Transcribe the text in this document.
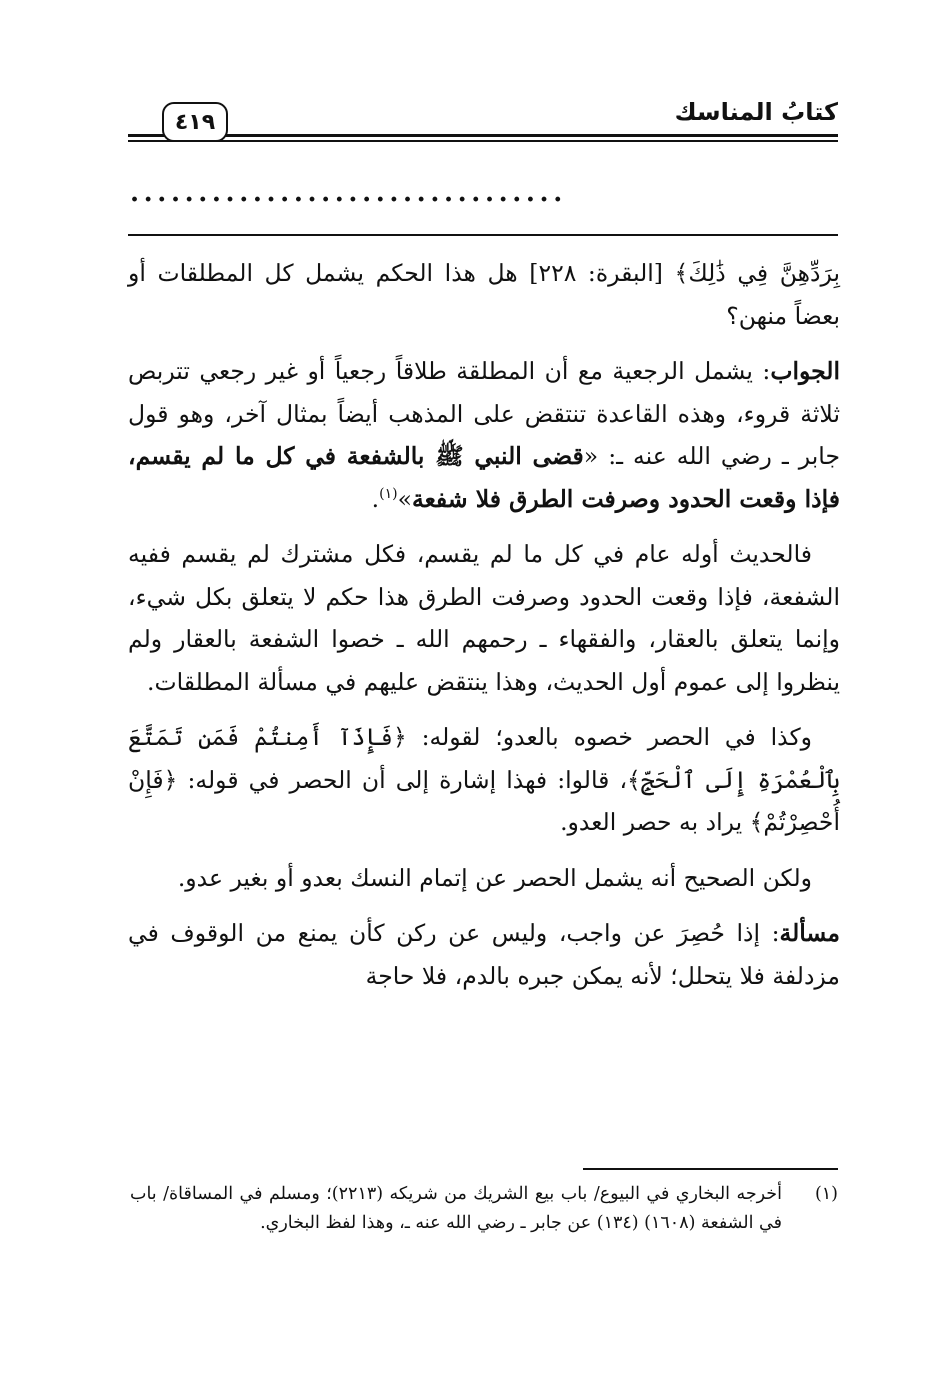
كتابُ المناسك
٤١٩
................................

بِرَدِّهِنَّ فِي ذَٰلِكَ﴾ [البقرة: ٢٢٨] هل هذا الحكم يشمل كل المطلقات أو بعضاً منهن؟

الجواب: يشمل الرجعية مع أن المطلقة طلاقاً رجعياً أو غير رجعي تتربص ثلاثة قروء، وهذه القاعدة تنتقض على المذهب أيضاً بمثال آخر، وهو قول جابر ـ رضي الله عنه ـ: «قضى النبي ﷺ بالشفعة في كل ما لم يقسم، فإذا وقعت الحدود وصرفت الطرق فلا شفعة»$^{(١)}$.

فالحديث أوله عام في كل ما لم يقسم، فكل مشترك لم يقسم ففيه الشفعة، فإذا وقعت الحدود وصرفت الطرق هذا حكم لا يتعلق بكل شيء، وإنما يتعلق بالعقار، والفقهاء ـ رحمهم الله ـ خصوا الشفعة بالعقار ولم ينظروا إلى عموم أول الحديث، وهذا ينتقض عليهم في مسألة المطلقات.

وكذا في الحصر خصوه بالعدو؛ لقوله: ﴿فَإِذَآ أَمِنتُمْ فَمَن تَمَتَّعَ بِٱلْعُمْرَةِ إِلَى ٱلْحَجِّ﴾، قالوا: فهذا إشارة إلى أن الحصر في قوله: ﴿فَإِنْ أُحْصِرْتُمْ﴾ يراد به حصر العدو.

ولكن الصحيح أنه يشمل الحصر عن إتمام النسك بعدو أو بغير عدو.

مسألة: إذا حُصِرَ عن واجب، وليس عن ركن كأن يمنع من الوقوف في مزدلفة فلا يتحلل؛ لأنه يمكن جبره بالدم، فلا حاجة

(١)
أخرجه البخاري في البيوع/ باب بيع الشريك من شريكه (٢٢١٣)؛ ومسلم في المساقاة/ باب في الشفعة (١٦٠٨) (١٣٤) عن جابر ـ رضي الله عنه ـ، وهذا لفظ البخاري.
